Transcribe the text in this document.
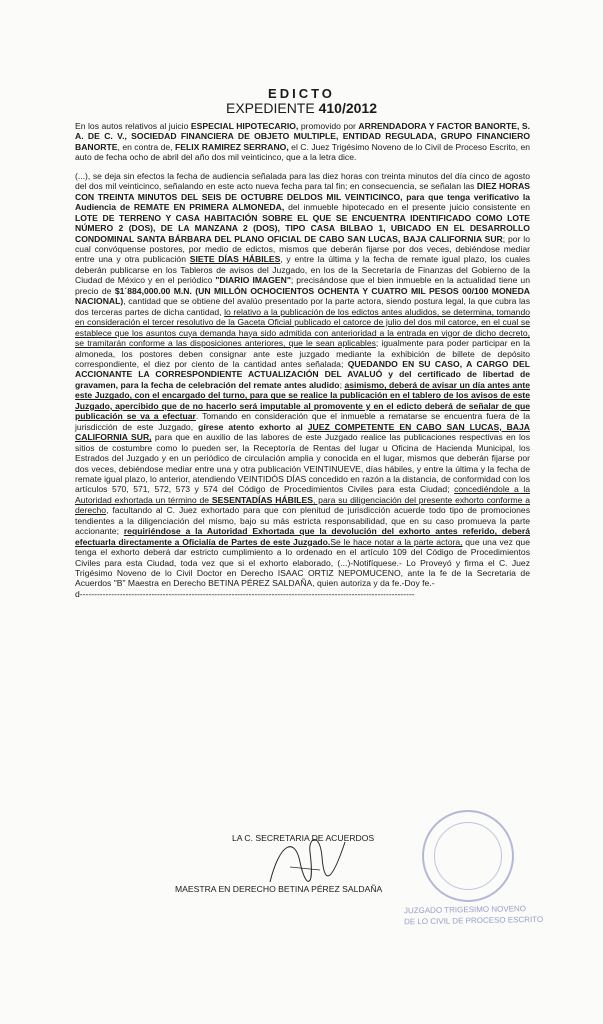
EDICTO
EXPEDIENTE 410/2012

En los autos relativos al juicio ESPECIAL HIPOTECARIO, promovido por ARRENDADORA Y FACTOR BANORTE, S. A. DE C. V., SOCIEDAD FINANCIERA DE OBJETO MULTIPLE, ENTIDAD REGULADA, GRUPO FINANCIERO BANORTE, en contra de, FELIX RAMIREZ SERRANO, el C. Juez Trigésimo Noveno de lo Civil de Proceso Escrito, en auto de fecha ocho de abril del año dos mil veinticinco, que a la letra dice.

(...), se deja sin efectos la fecha de audiencia señalada para las diez horas con treinta minutos del día cinco de agosto del dos mil veinticinco, señalando en este acto nueva fecha para tal fin; en consecuencia, se señalan las DIEZ HORAS CON TREINTA MINUTOS DEL SEIS DE OCTUBRE DELDOS MIL VEINTICINCO, para que tenga verificativo la Audiencia de REMATE EN PRIMERA ALMONEDA, del inmueble hipotecado en el presente juicio consistente en LOTE DE TERRENO Y CASA HABITACIÓN SOBRE EL QUE SE ENCUENTRA IDENTIFICADO COMO LOTE NÚMERO 2 (DOS), DE LA MANZANA 2 (DOS), TIPO CASA BILBAO 1, UBICADO EN EL DESARROLLO CONDOMINAL SANTA BÁRBARA DEL PLANO OFICIAL DE CABO SAN LUCAS, BAJA CALIFORNIA SUR; por lo cual convóquense postores, por medio de edictos, mismos que deberán fijarse por dos veces, debiéndose mediar entre una y otra publicación SIETE DÍAS HÁBILES, y entre la última y la fecha de remate igual plazo, los cuales deberán publicarse en los Tableros de avisos del Juzgado, en los de la Secretaría de Finanzas del Gobierno de la Ciudad de México y en el periódico "DIARIO IMAGEN"; precisándose que el bien inmueble en la actualidad tiene un precio de $1´884,000.00 M.N. (UN MILLÓN OCHOCIENTOS OCHENTA Y CUATRO MIL PESOS 00/100 MONEDA NACIONAL), cantidad que se obtiene del avalúo presentado por la parte actora, siendo postura legal, la que cubra las dos terceras partes de dicha cantidad, lo relativo a la publicación de los edictos antes aludidos, se determina, tomando en consideración el tercer resolutivo de la Gaceta Oficial publicado el catorce de julio del dos mil catorce, en el cual se establece que los asuntos cuya demanda haya sido admitida con anterioridad a la entrada en vigor de dicho decreto, se tramitarán conforme a las disposiciones anteriores, que le sean aplicables; igualmente para poder participar en la almoneda, los postores deben consignar ante este juzgado mediante la exhibición de billete de depósito correspondiente, el diez por ciento de la cantidad antes señalada; QUEDANDO EN SU CASO, A CARGO DEL ACCIONANTE LA CORRESPONDIENTE ACTUALIZACIÓN DEL AVALUÓ y del certificado de libertad de gravamen, para la fecha de celebración del remate antes aludido; asimismo, deberá de avisar un día antes ante este Juzgado, con el encargado del turno, para que se realice la publicación en el tablero de los avisos de este Juzgado, apercibido que de no hacerlo será imputable al promovente y en el edicto deberá de señalar de que publicación se va a efectuar. Tomando en consideración que el inmueble a rematarse se encuentra fuera de la jurisdicción de este Juzgado, gírese atento exhorto al JUEZ COMPETENTE EN CABO SAN LUCAS, BAJA CALIFORNIA SUR, para que en auxilio de las labores de este Juzgado realice las publicaciones respectivas en los sitios de costumbre como lo pueden ser, la Receptoría de Rentas del lugar u Oficina de Hacienda Municipal, los Estrados del Juzgado y en un periódico de circulación amplia y conocida en el lugar, mismos que deberán fijarse por dos veces, debiéndose mediar entre una y otra publicación VEINTINUEVE, días hábiles, y entre la última y la fecha de remate igual plazo, lo anterior, atendiendo VEINTIDÓS DÍAS concedido en razón a la distancia, de conformidad con los artículos 570, 571, 572, 573 y 574 del Código de Procedimientos Civiles para esta Ciudad; concediéndole a la Autoridad exhortada un término de SESENTADÍAS HÁBILES, para su diligenciación del presente exhorto conforme a derecho, facultando al C. Juez exhortado para que con plenitud de jurisdicción acuerde todo tipo de promociones tendientes a la diligenciación del mismo, bajo su más estricta responsabilidad, que en su caso promueva la parte accionante; requiriéndose a la Autoridad Exhortada que la devolución del exhorto antes referido, deberá efectuarla directamente a Oficialía de Partes de este Juzgado.Se le hace notar a la parte actora, que una vez que tenga el exhorto deberá dar estricto cumplimiento a lo ordenado en el artículo 109 del Código de Procedimientos Civiles para esta Ciudad, toda vez que si el exhorto elaborado, (...)-Notifíquese.- Lo Proveyó y firma el C. Juez Trigésimo Noveno de lo Civil Doctor en Derecho ISAAC ORTIZ NEPOMUCENO, ante la fe de la Secretaria de Acuerdos "B" Maestra en Derecho BETINA PÉREZ SALDAÑA, quien autoriza y da fe.-Doy fe.-
d---------------------------------------------------------------------------------------------------------------------

LA C. SECRETARIA DE ACUERDOS
MAESTRA EN DERECHO BETINA PÉREZ SALDAÑA
JUZGADO TRIGESIMO NOVENO
DE LO CIVIL DE PROCESO ESCRITO
